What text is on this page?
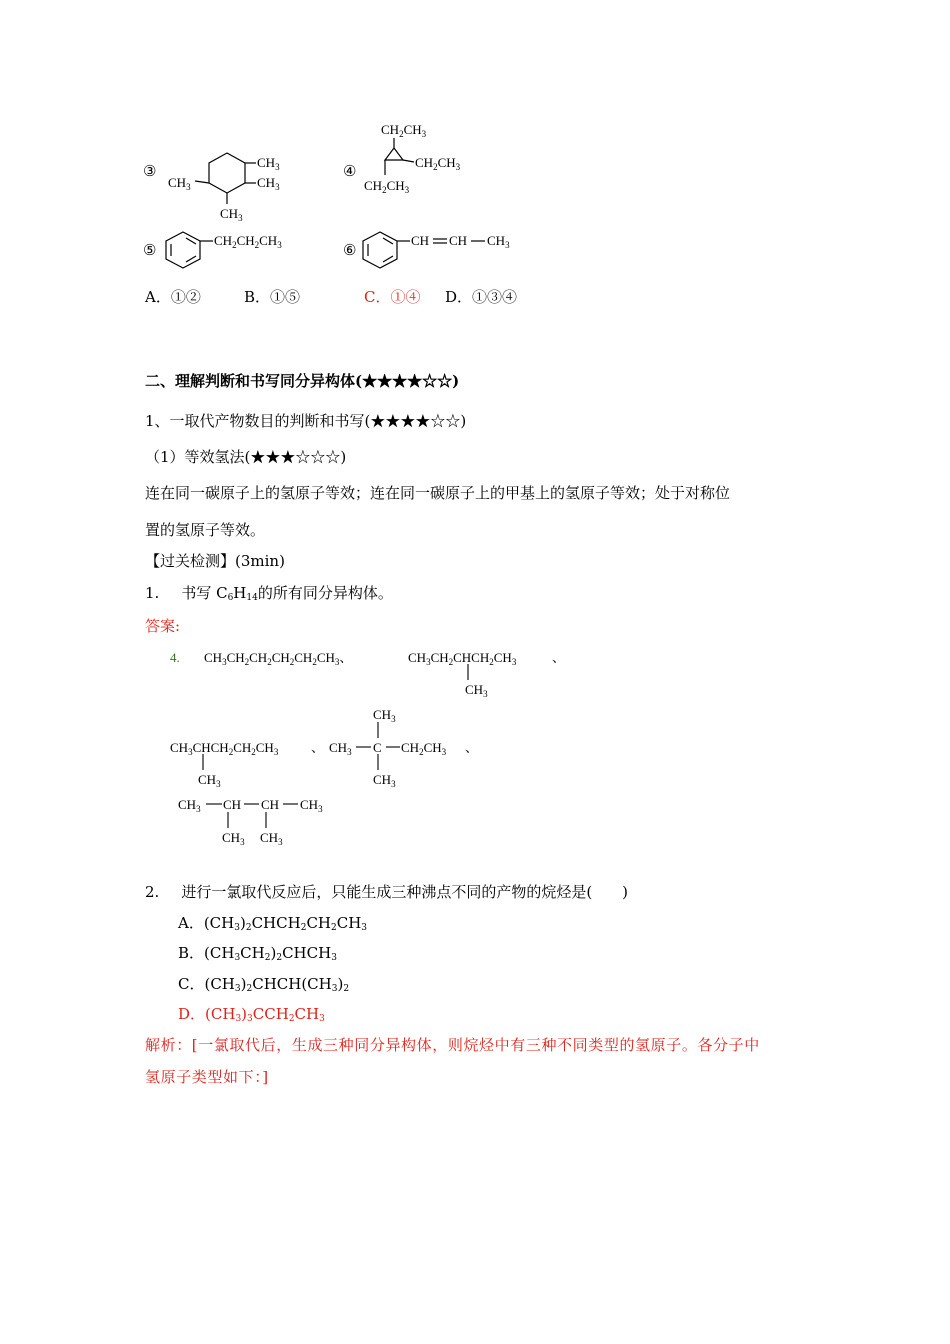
③	④
⑤	⑥
$CH_3$
$CH_3$
$CH_3$
$CH_3$
$CH_2CH_3$
$CH_2CH_3$
$CH_2CH_3$
$CH_2CH_2CH_3$	CH CH $CH_3$
A．①②	B．①⑤	C．①④ D．①③④
二、理解判断和书写同分异构体(★★★★☆☆)
1、一取代产物数目的判断和书写(★★★★☆☆)
（1）等效氢法(★★★☆☆☆)
连在同一碳原子上的氢原子等效；连在同一碳原子上的甲基上的氢原子等效；处于对称位
置的氢原子等效。
【过关检测】(3min)
1. 书写 $C_6H_{14}$的所有同分异构体。
答案:
4. $CH_3CH_2CH_2CH_2CH_2CH_3$、	$CH_3CH_2CHCH_2CH_3$	、
$CH_3$
$CH_3CHCH_2CH_2CH_3$	、
$CH_3$
$CH_3$
$CH_3$ C $CH_2CH_3$ 、
$CH_3$
$CH_3$ CH CH $CH_3$
$CH_3$ $CH_3$
2. 进行一氯取代反应后，只能生成三种沸点不同的产物的烷烃是(　　)
A．$(CH_3)_2CHCH_2CH_2CH_3$
B．$(CH_3CH_2)_2CHCH_3$
C．$(CH_3)_2CHCH(CH_3)_2$
D．$(CH_3)_3CCH_2CH_3$
解析：[一氯取代后，生成三种同分异构体，则烷烃中有三种不同类型的氢原子。各分子中
氢原子类型如下：]
